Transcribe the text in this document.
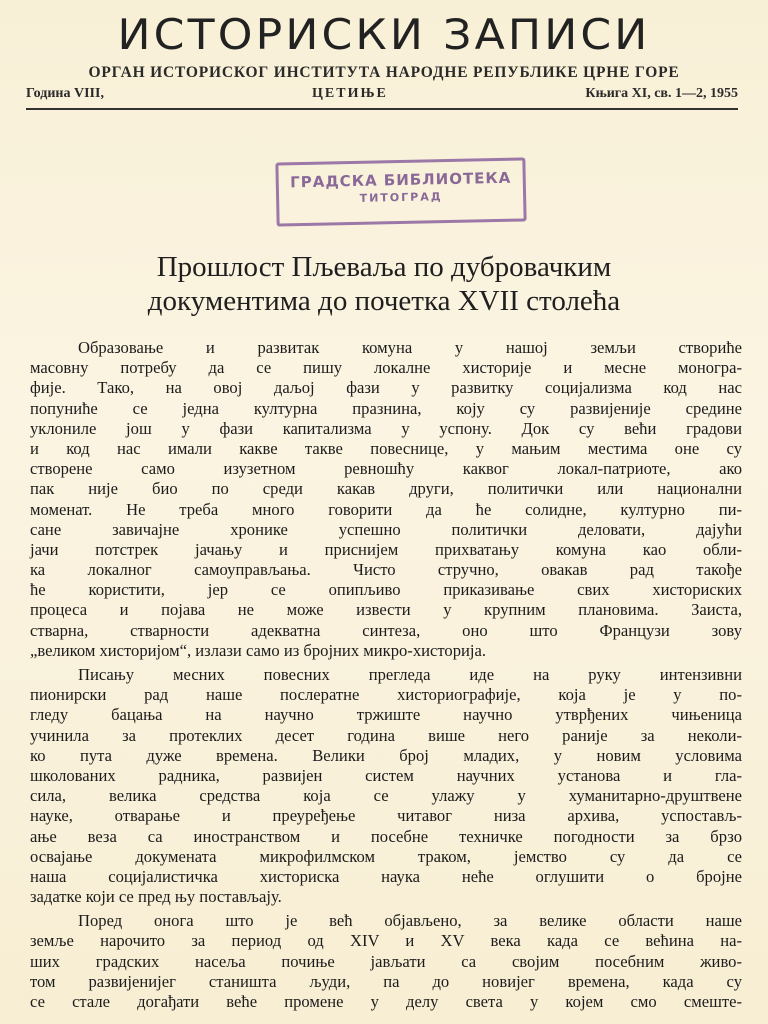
ИСТОРИСКИ ЗАПИСИ
ОРГАН ИСТОРИСКОГ ИНСТИТУТА НАРОДНЕ РЕПУБЛИКЕ ЦРНЕ ГОРЕ
Година VIII,	ЦЕТИЊЕ	Књига XI, св. 1—2, 1955
ГРАДСКА БИБЛИОТЕКА
ТИТОГРАД
Прошлост Пљеваља по дубровачким
документима до почетка XVII столећа
Образовање и развитак комуна у нашој земљи створиће
масовну потребу да се пишу локалне хисторије и месне моногра-
фије. Тако, на овој даљој фази у развитку социјализма код нас
попуниће се једна културна празнина, коју су развијеније средине
уклониле још у фази капитализма у успону. Док су већи градови
и код нас имали какве такве повеснице, у мањим местима оне су
створене само изузетном ревношћу каквог локал-патриоте, ако
пак није био по среди какав други, политички или национални
моменат. Не треба много говорити да ће солидне, културно пи-
сане завичајне хронике успешно политички деловати, дајући
јачи потстрек јачању и приснијем прихватању комуна као обли-
ка локалног самоуправљања. Чисто стручно, овакав рад такође
ће користити, јер се опипљиво приказивање свих хисториских
процеса и појава не може извести у крупним плановима. Заиста,
стварна, стварности адекватна синтеза, оно што Французи зову
„великом хисторијом“, излази само из бројних микро-хисторија.
Писању месних повесних прегледа иде на руку интензивни
пионирски рад наше послератне хисториографије, која је у по-
гледу бацања на научно тржиште научно утврђених чињеница
учинила за протеклих десет година више него раније за неколи-
ко пута дуже времена. Велики број младих, у новим условима
школованих радника, развијен систем научних установа и гла-
сила, велика средства која се улажу у хуманитарно-друштвене
науке, отварање и преуређење читавог низа архива, успостављ-
ање веза са иностранством и посебне техничке погодности за брзо
освајање докумената микрофилмском траком, јемство су да се
наша социјалистичка хисториска наука неће оглушити о бројне
задатке који се пред њу постављају.
Поред онога што је већ објављено, за велике области наше
земље нарочито за период од XIV и XV века када се већина на-
ших градских насеља почиње јављати са својим посебним живо-
том развијенијег станишта људи, па до новијег времена, када су
се стале догађати веће промене у делу света у којем смо смеште-
